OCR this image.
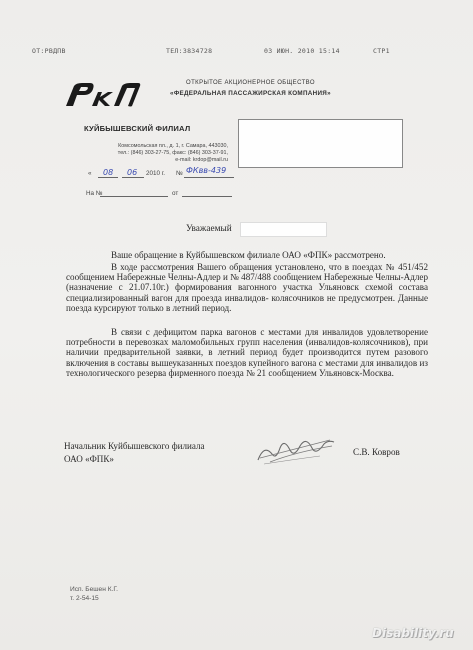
ОТ:РВДПВ	ТЕЛ:3834728	03 ИЮН. 2010 15:14	СТР1
ОТКРЫТОЕ АКЦИОНЕРНОЕ ОБЩЕСТВО
«ФЕДЕРАЛЬНАЯ ПАССАЖИРСКАЯ КОМПАНИЯ»
КУЙБЫШЕВСКИЙ ФИЛИАЛ
Комсомольская пл., д. 1, г. Самара, 443030,
тел.: (846) 303-27-75, факс: (846) 303-37-91,
e-mail: krdop@mail.ru
« 08 06 2010 г. № ФКвв-439
На №	от
Уважаемый
Ваше обращение в Куйбышевском филиале ОАО «ФПК» рассмотрено.
В ходе рассмотрения Вашего обращения установлено, что в поездах № 451/452 сообщением Набережные Челны-Адлер и № 487/488 сообщением Набережные Челны-Адлер (назначение с 21.07.10г.) формирования вагонного участка Ульяновск схемой состава специализированный вагон для проезда инвалидов- колясочников не предусмотрен. Данные поезда курсируют только в летний период.
В связи с дефицитом парка вагонов с местами для инвалидов удовлетворение потребности в перевозках маломобильных групп населения (инвалидов-колясочников), при наличии предварительной заявки, в летний период будет производится путем разового включения в составы вышеуказанных поездов купейного вагона с местами для инвалидов из технологического резерва фирменного поезда № 21 сообщением Ульяновск-Москва.
Начальник Куйбышевского филиала
ОАО «ФПК»
С.В. Ковров
Исп. Бешен К.Г.
т. 2-54-15
Disability.ru
